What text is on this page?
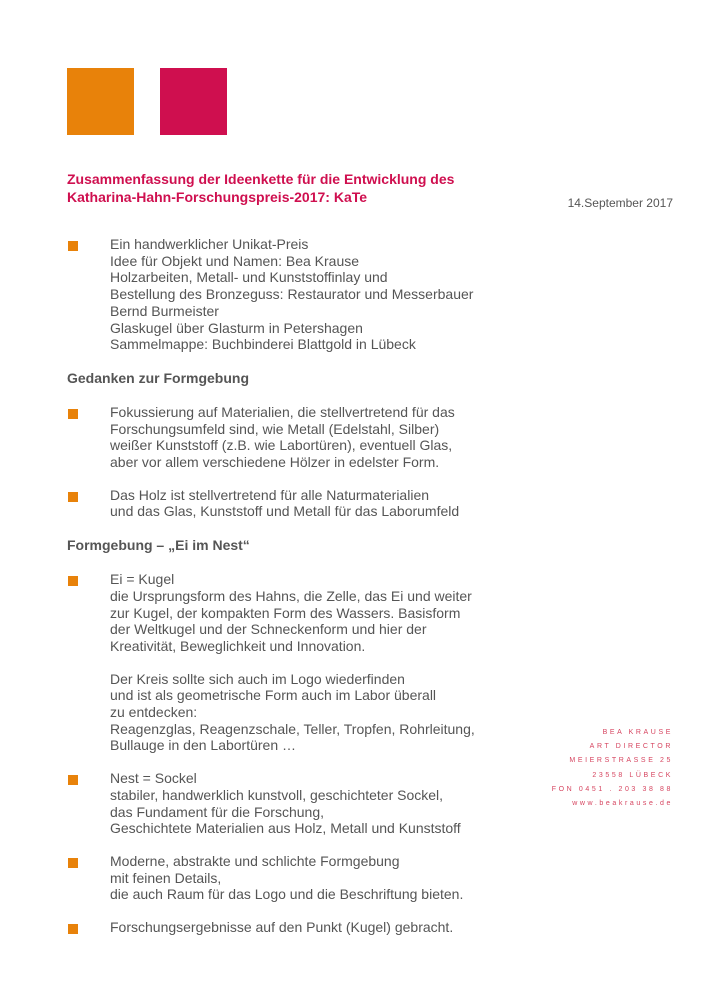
Zusammenfassung der Ideenkette für die Entwicklung des
Katharina-Hahn-Forschungspreis-2017: KaTe	14.September 2017
Ein handwerklicher Unikat-Preis
Idee für Objekt und Namen: Bea Krause
Holzarbeiten, Metall- und Kunststoffinlay und
Bestellung des Bronzeguss: Restaurator und Messerbauer
Bernd Burmeister
Glaskugel über Glasturm in Petershagen
Sammelmappe: Buchbinderei Blattgold in Lübeck
Gedanken zur Formgebung
Fokussierung auf Materialien, die stellvertretend für das
Forschungsumfeld sind, wie Metall (Edelstahl, Silber)
weißer Kunststoff (z.B. wie Labortüren), eventuell Glas,
aber vor allem verschiedene Hölzer in edelster Form.
Das Holz ist stellvertretend für alle Naturmaterialien
und das Glas, Kunststoff und Metall für das Laborumfeld
Formgebung – „Ei im Nest“
Ei = Kugel
die Ursprungsform des Hahns, die Zelle, das Ei und weiter
zur Kugel, der kompakten Form des Wassers. Basisform
der Weltkugel und der Schneckenform und hier der
Kreativität, Beweglichkeit und Innovation.
Der Kreis sollte sich auch im Logo wiederfinden
und ist als geometrische Form auch im Labor überall
zu entdecken:
Reagenzglas, Reagenzschale, Teller, Tropfen, Rohrleitung,
Bullauge in den Labortüren …
Nest = Sockel
stabiler, handwerklich kunstvoll, geschichteter Sockel,
das Fundament für die Forschung,
Geschichtete Materialien aus Holz, Metall und Kunststoff
Moderne, abstrakte und schlichte Formgebung
mit feinen Details,
die auch Raum für das Logo und die Beschriftung bieten.
Forschungsergebnisse auf den Punkt (Kugel) gebracht.
BEA KRAUSE
ART DIRECTOR
MEIERSTRASSE 25
23558 LÜBECK
FON 0451 . 203 38 88
www.beakrause.de
